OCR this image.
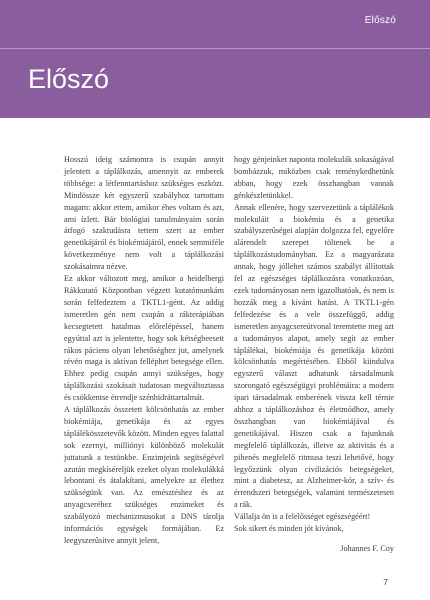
Előszó

Előszó

Hosszú ideig számomra is csupán annyit jelentett a táplálkozás, amennyit az emberek többsége: a létfenntartáshoz szükséges eszközt. Mindössze két egyszerű szabályhoz tartottam magam: akkor ettem, amikor éhes voltam és azt, ami ízlett. Bár biológiai tanulmányaim során átfogó szaktudásra tettem szert az ember genetikájáról és biokémiájáról, ennek semmiféle következménye nem volt a táplálkozási szokásaimra nézve.

Ez akkor változott meg, amikor a heidelbergi Rákkutató Központban végzett kutatómunkám során felfedeztem a TKTL1-gént. Az addig ismeretlen gén nem csupán a rákterápiában kecsegtetett hatalmas előrelépéssel, hanem egyúttal azt is jelentette, hogy sok kétségbeesett rákos páciens olyan lehetőséghez jut, amelynek révén maga is aktívan felléphet betegsége ellen. Ehhez pedig csupán annyi szükséges, hogy táplálkozási szokásait tudatosan megváltoztassa és csökkentse étrendje szénhidráttartalmát.

A táplálkozás összetett kölcsönhatás az ember biokémiája, genetikája és az egyes táplálékösszetevők között. Minden egyes falattal sok ezernyi, milliónyi különböző molekulát juttatunk a testünkbe. Enzimjeink segítségével azután megkíséreljük ezeket olyan molekulákká lebontani és átalakítani, amelyekre az élethez szükségünk van. Az emésztéshez és az anyagcseréhez szükséges enzimeket és szabályozó mechanizmusokat a DNS tárolja információs egységek formájában. Ez leegyszerűsítve annyit jelent,

hogy génjeinket naponta molekulák sokaságával bombázzuk, miközben csak reménykedhetünk abban, hogy ezek összhangban vannak génkészletünkkel.

Annak ellenére, hogy szervezetünk a táplálékok molekuláit a biokémia és a genetika szabályszerűségei alapján dolgozza fel, egyelőre alárendelt szerepet töltenek be a táplálkozástudományban. Ez a magyarázata annak, hogy jóllehet számos szabályt állítottak fel az egészséges táplálkozásra vonatkozóan, ezek tudományosan nem igazolhatóak, és nem is hozzák meg a kívánt hatást. A TKTL1-gén felfedezése és a vele összefüggő, addig ismeretlen anyagcsereútvonal teremtette meg azt a tudományos alapot, amely segít az ember táplálékai, biokémiája és genetikája közötti kölcsönhatás megértésében. Ebből kiindulva egyszerű választ adhatunk társadalmunk szorongató egészségügyi problémáira: a modern ipari társadalmak emberének vissza kell térnie ahhoz a táplálkozáshoz és életmódhoz, amely összhangban van biokémiájával és genetikájával. Hiszen csak a fajunknak megfelelő táplálkozás, illetve az aktivitás és a pihenés megfelelő ritmusa teszi lehetővé, hogy legyőzzünk olyan civilizációs betegségeket, mint a diabetesz, az Alzheimer-kór, a szív- és érrendszeri betegségek, valamint természetesen a rák.

Vállalja ön is a felelősséget egészségéért!

Sok sikert és minden jót kívánok,

Johannes F. Coy

7
